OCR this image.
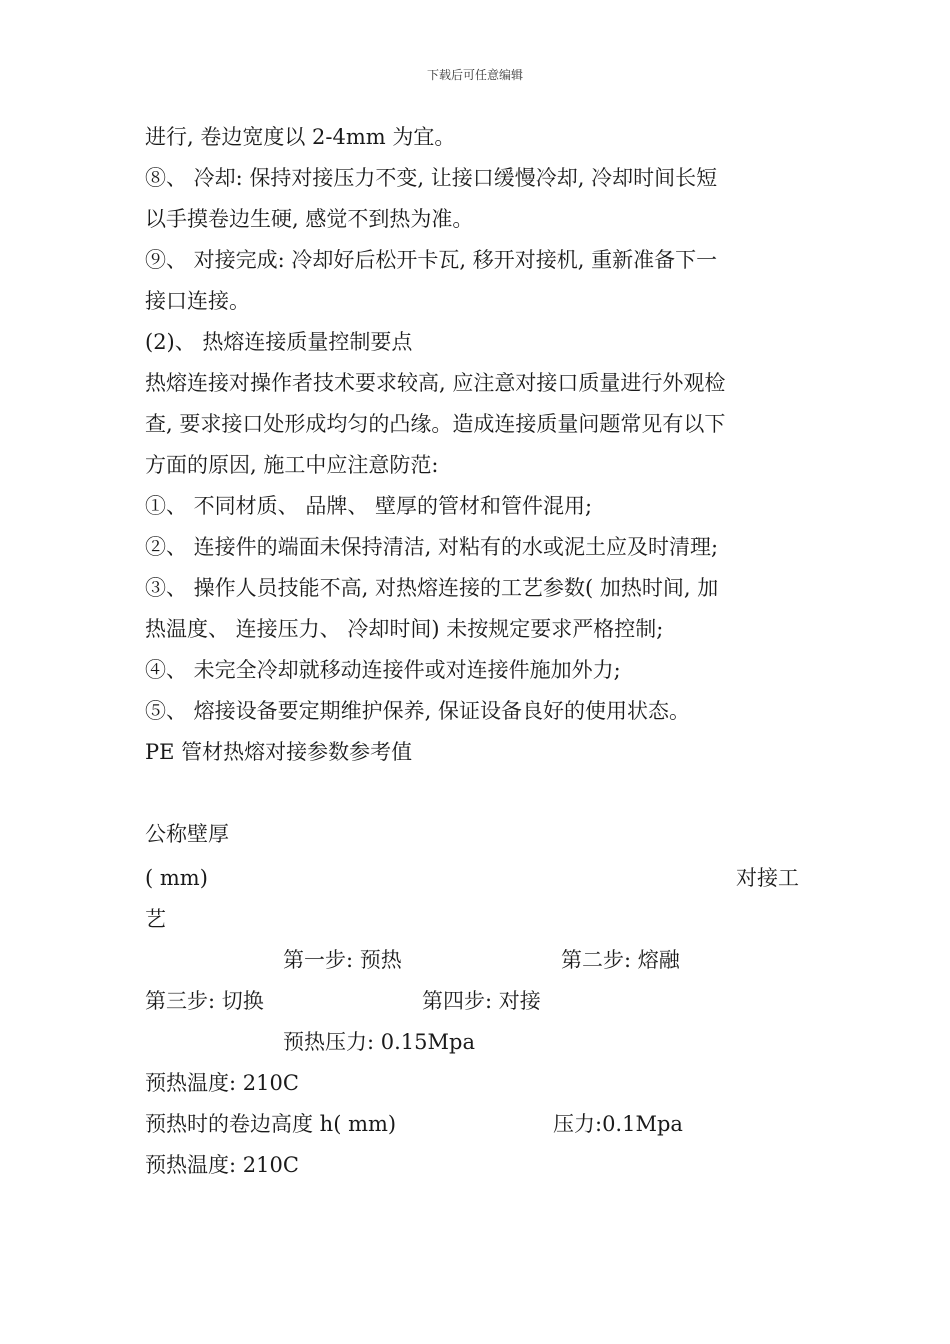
下载后可任意编辑
进行, 卷边宽度以 2-4mm 为宜。
⑧、 冷却: 保持对接压力不变, 让接口缓慢冷却, 冷却时间长短
以手摸卷边生硬, 感觉不到热为准。
⑨、 对接完成: 冷却好后松开卡瓦, 移开对接机, 重新准备下一
接口连接。
(2)、 热熔连接质量控制要点
热熔连接对操作者技术要求较高, 应注意对接口质量进行外观检
查, 要求接口处形成均匀的凸缘。造成连接质量问题常见有以下
方面的原因, 施工中应注意防范:
①、 不同材质、 品牌、 壁厚的管材和管件混用;
②、 连接件的端面未保持清洁, 对粘有的水或泥土应及时清理;
③、 操作人员技能不高, 对热熔连接的工艺参数( 加热时间, 加
热温度、 连接压力、 冷却时间) 未按规定要求严格控制;
④、 未完全冷却就移动连接件或对连接件施加外力;
⑤、 熔接设备要定期维护保养, 保证设备良好的使用状态。
PE 管材热熔对接参数参考值
公称壁厚
( mm)	对接工
艺
第一步: 预热	第二步: 熔融
第三步: 切换	第四步: 对接
预热压力: 0.15Mpa
预热温度: 210C
预热时的卷边高度 h( mm)	压力:0.1Mpa
预热温度: 210C
